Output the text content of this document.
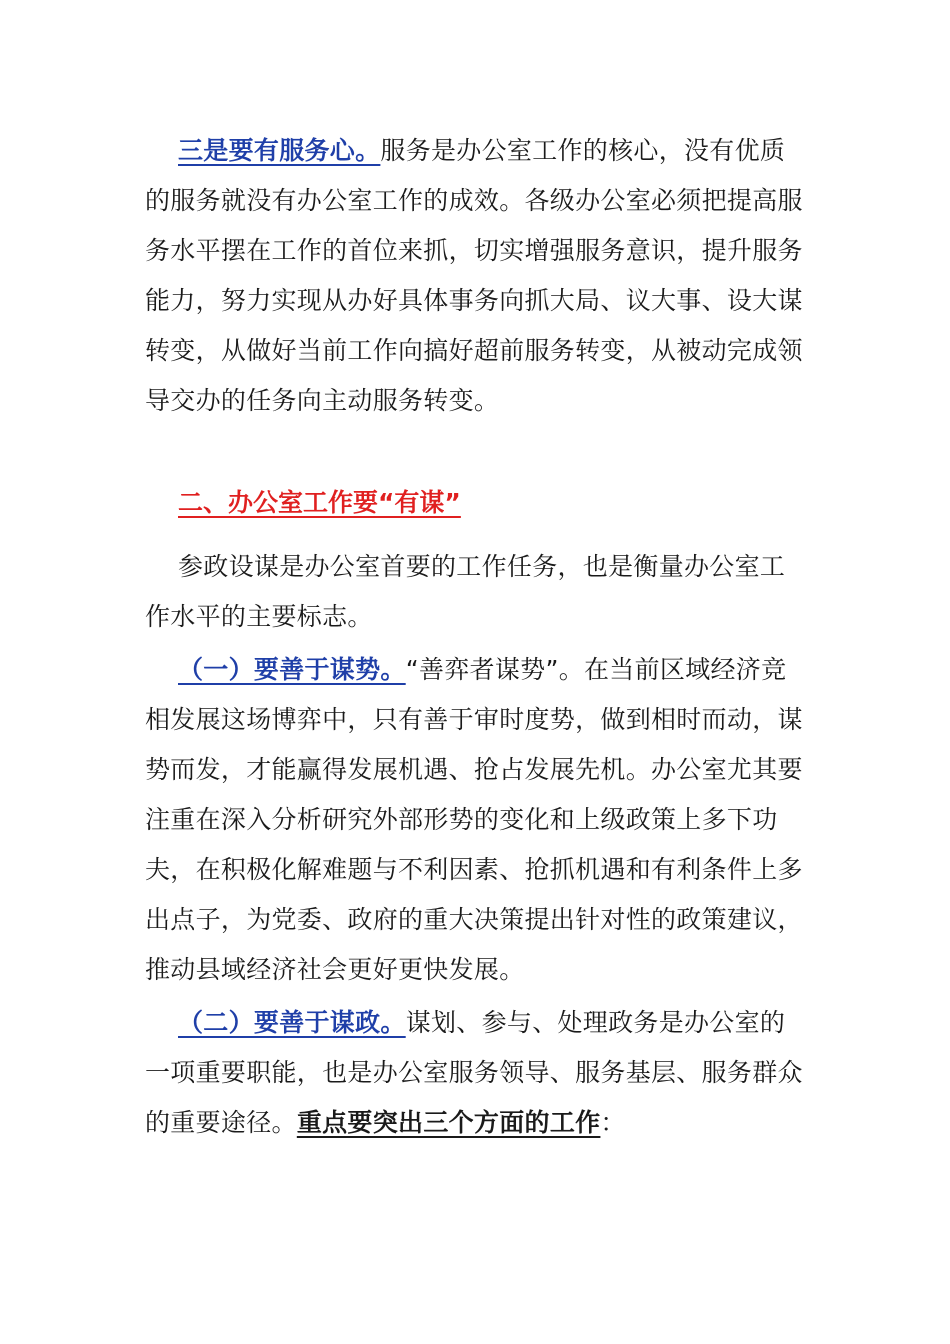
三是要有服务心。服务是办公室工作的核心，没有优质的服务就没有办公室工作的成效。各级办公室必须把提高服务水平摆在工作的首位来抓，切实增强服务意识，提升服务能力，努力实现从办好具体事务向抓大局、议大事、设大谋转变，从做好当前工作向搞好超前服务转变，从被动完成领导交办的任务向主动服务转变。

二、办公室工作要“有谋”

参政设谋是办公室首要的工作任务，也是衡量办公室工作水平的主要标志。

（一）要善于谋势。“善弈者谋势”。在当前区域经济竞相发展这场博弈中，只有善于审时度势，做到相时而动，谋势而发，才能赢得发展机遇、抢占发展先机。办公室尤其要注重在深入分析研究外部形势的变化和上级政策上多下功夫，在积极化解难题与不利因素、抢抓机遇和有利条件上多出点子，为党委、政府的重大决策提出针对性的政策建议，推动县域经济社会更好更快发展。

（二）要善于谋政。谋划、参与、处理政务是办公室的一项重要职能，也是办公室服务领导、服务基层、服务群众的重要途径。重点要突出三个方面的工作：
